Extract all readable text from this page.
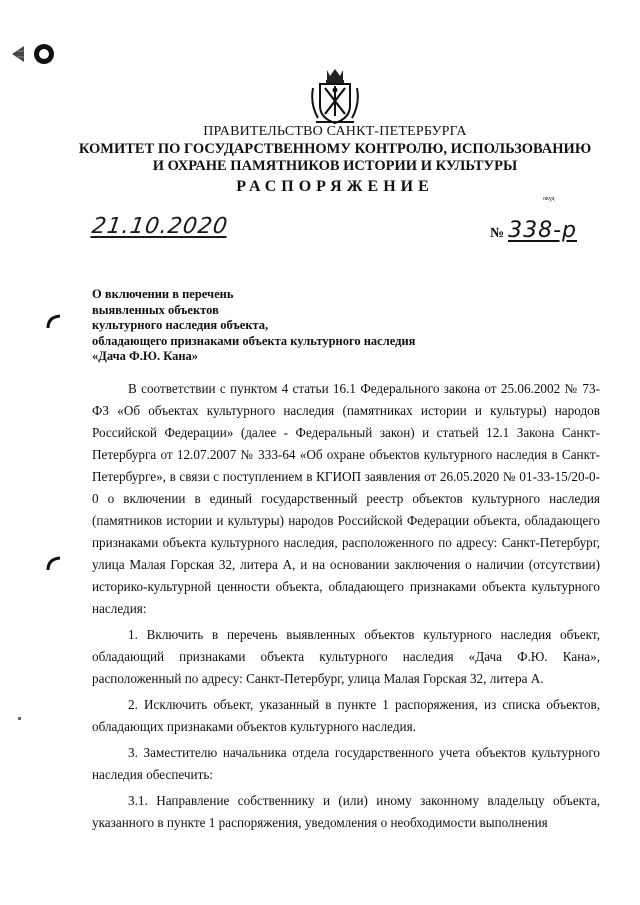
ПРАВИТЕЛЬСТВО САНКТ-ПЕТЕРБУРГА
КОМИТЕТ ПО ГОСУДАРСТВЕННОМУ КОНТРОЛЮ, ИСПОЛЬЗОВАНИЮ
И ОХРАНЕ ПАМЯТНИКОВ ИСТОРИИ И КУЛЬТУРЫ
РАСПОРЯЖЕНИЕ
окуд
21.10.2020	№ 338-р
О включении в перечень
выявленных объектов
культурного наследия объекта,
обладающего признаками объекта культурного наследия
«Дача Ф.Ю. Кана»

В соответствии с пунктом 4 статьи 16.1 Федерального закона от 25.06.2002 № 73-ФЗ «Об объектах культурного наследия (памятниках истории и культуры) народов Российской Федерации» (далее - Федеральный закон) и статьей 12.1 Закона Санкт-Петербурга от 12.07.2007 № 333-64 «Об охране объектов культурного наследия в Санкт-Петербурге», в связи с поступлением в КГИОП заявления от 26.05.2020 № 01-33-15/20-0-0 о включении в единый государственный реестр объектов культурного наследия (памятников истории и культуры) народов Российской Федерации объекта, обладающего признаками объекта культурного наследия, расположенного по адресу: Санкт-Петербург, улица Малая Горская 32, литера А, и на основании заключения о наличии (отсутствии) историко-культурной ценности объекта, обладающего признаками объекта культурного наследия:

1. Включить в перечень выявленных объектов культурного наследия объект, обладающий признаками объекта культурного наследия «Дача Ф.Ю. Кана», расположенный по адресу: Санкт-Петербург, улица Малая Горская 32, литера А.

2. Исключить объект, указанный в пункте 1 распоряжения, из списка объектов, обладающих признаками объектов культурного наследия.

3. Заместителю начальника отдела государственного учета объектов культурного наследия обеспечить:

3.1. Направление собственнику и (или) иному законному владельцу объекта, указанного в пункте 1 распоряжения, уведомления о необходимости выполнения
